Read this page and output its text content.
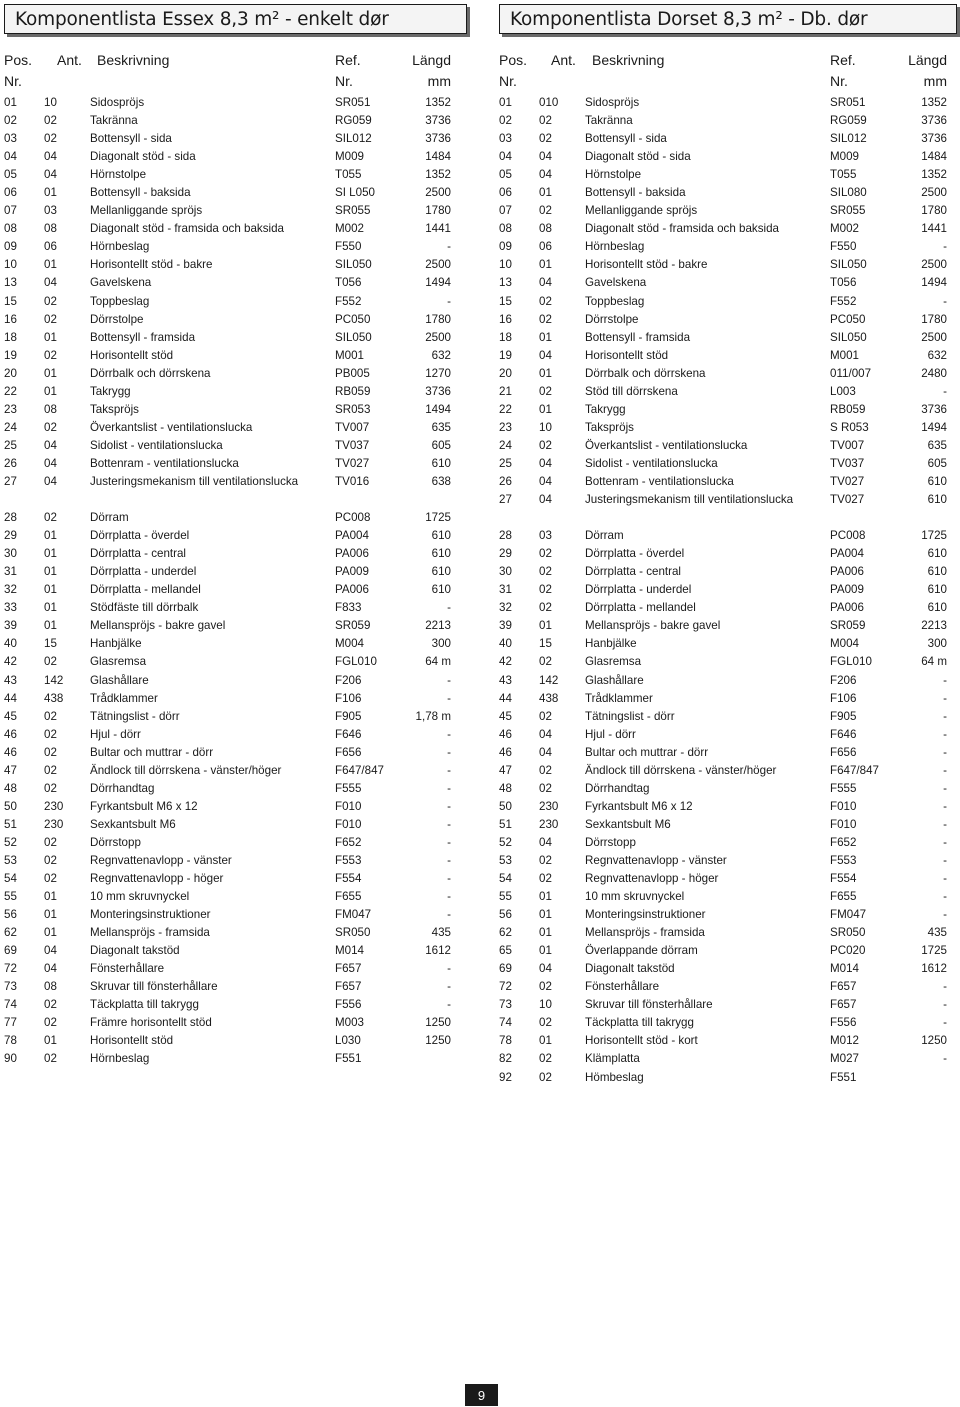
Komponentlista Essex 8,3 m² - enkelt dør
Pos.
Nr.
Ant. Beskrivning	Ref.
Nr.
Längd
mm
01 10	Sidospröjs	SR051	1352
02 02	Takränna	RG059	3736
03 02	Bottensyll - sida	SIL012	3736
04 04	Diagonalt stöd - sida	M009	1484
05 04	Hörnstolpe	T055	1352
06 01	Bottensyll - baksida	SI L050	2500
07 03	Mellanliggande spröjs	SR055	1780
08 08	Diagonalt stöd - framsida och baksida	M002	1441
09 06	Hörnbeslag	F550	-
10 01	Horisontellt stöd - bakre	SIL050	2500
13 04	Gavelskena	T056	1494
15 02	Toppbeslag	F552	-
16 02	Dörrstolpe	PC050	1780
18 01	Bottensyll - framsida	SIL050	2500
19 02	Horisontellt stöd	M001	632
20 01	Dörrbalk och dörrskena	PB005	1270
22 01	Takrygg	RB059	3736
23 08	Takspröjs	SR053	1494
24 02	Överkantslist - ventilationslucka	TV007	635
25 04	Sidolist - ventilationslucka	TV037	605
26 04	Bottenram - ventilationslucka	TV027	610
27 04	Justeringsmekanism till ventilationslucka	TV016	638
28 02	Dörram	PC008	1725
29 01	Dörrplatta - överdel	PA004	610
30 01	Dörrplatta - central	PA006	610
31 01	Dörrplatta - underdel	PA009	610
32 01	Dörrplatta - mellandel	PA006	610
33 01	Stödfäste till dörrbalk	F833	-
39 01	Mellanspröjs - bakre gavel	SR059	2213
40 15	Hanbjälke	M004	300
42 02	Glasremsa	FGL010	64 m
43 142 Glashållare	F206	-
44 438 Trådklammer	F106	-
45 02	Tätningslist - dörr	F905	1,78 m
46 02	Hjul - dörr	F646	-
46 02	Bultar och muttrar - dörr	F656	-
47 02	Ändlock till dörrskena - vänster/höger	F647/847	-
48 02	Dörrhandtag	F555	-
50 230 Fyrkantsbult M6 x 12	F010	-
51 230 Sexkantsbult M6	F010	-
52 02	Dörrstopp	F652	-
53 02	Regnvattenavlopp - vänster	F553	-
54 02	Regnvattenavlopp - höger	F554	-
55 01	10 mm skruvnyckel	F655	-
56 01	Monteringsinstruktioner	FM047	-
62 01	Mellanspröjs - framsida	SR050	435
69 04	Diagonalt takstöd	M014	1612
72 04	Fönsterhållare	F657	-
73 08	Skruvar till fönsterhållare	F657	-
74 02	Täckplatta till takrygg	F556	-
77 02	Främre horisontellt stöd	M003	1250
78 01	Horisontellt stöd	L030	1250
90 02	Hörnbeslag	F551
Komponentlista Dorset 8,3 m² - Db. dør
Pos.
Nr.
Ant. Beskrivning	Ref.
Nr.
Längd
mm
01 010 Sidospröjs	SR051	1352
02 02	Takränna	RG059	3736
03 02	Bottensyll - sida	SIL012	3736
04 04	Diagonalt stöd - sida	M009	1484
05 04	Hörnstolpe	T055	1352
06 01	Bottensyll - baksida	SIL080	2500
07 02	Mellanliggande spröjs	SR055	1780
08 08	Diagonalt stöd - framsida och baksida	M002	1441
09 06	Hörnbeslag	F550	-
10 01	Horisontellt stöd - bakre	SIL050	2500
13 04	Gavelskena	T056	1494
15 02	Toppbeslag	F552	-
16 02	Dörrstolpe	PC050	1780
18 01	Bottensyll - framsida	SIL050	2500
19 04	Horisontellt stöd	M001	632
20 01	Dörrbalk och dörrskena	011/007	2480
21 02	Stöd till dörrskena	L003	-
22 01	Takrygg	RB059	3736
23 10	Takspröjs	S R053	1494
24 02	Överkantslist - ventilationslucka	TV007	635
25 04	Sidolist - ventilationslucka	TV037	605
26 04	Bottenram - ventilationslucka	TV027	610
27 04	Justeringsmekanism till ventilationslucka	TV027	610
28 03	Dörram	PC008	1725
29 02	Dörrplatta - överdel	PA004	610
30 02	Dörrplatta - central	PA006	610
31 02	Dörrplatta - underdel	PA009	610
32 02	Dörrplatta - mellandel	PA006	610
39 01	Mellanspröjs - bakre gavel	SR059	2213
40 15	Hanbjälke	M004	300
42 02	Glasremsa	FGL010	64 m
43 142 Glashållare	F206	-
44 438 Trådklammer	F106	-
45 02	Tätningslist - dörr	F905	-
46 04	Hjul - dörr	F646	-
46 04	Bultar och muttrar - dörr	F656	-
47 02	Ändlock till dörrskena - vänster/höger	F647/847	-
48 02	Dörrhandtag	F555	-
50 230 Fyrkantsbult M6 x 12	F010	-
51 230 Sexkantsbult M6	F010	-
52 04	Dörrstopp	F652	-
53 02	Regnvattenavlopp - vänster	F553	-
54 02	Regnvattenavlopp - höger	F554	-
55 01	10 mm skruvnyckel	F655	-
56 01	Monteringsinstruktioner	FM047	-
62 01	Mellanspröjs - framsida	SR050	435
65 01	Överlappande dörram	PC020	1725
69 04	Diagonalt takstöd	M014	1612
72 02	Fönsterhållare	F657	-
73 10	Skruvar till fönsterhållare	F657	-
74 02	Täckplatta till takrygg	F556	-
78 01	Horisontellt stöd - kort	M012	1250
82 02	Klämplatta	M027	-
92 02	Hömbeslag	F551
9
